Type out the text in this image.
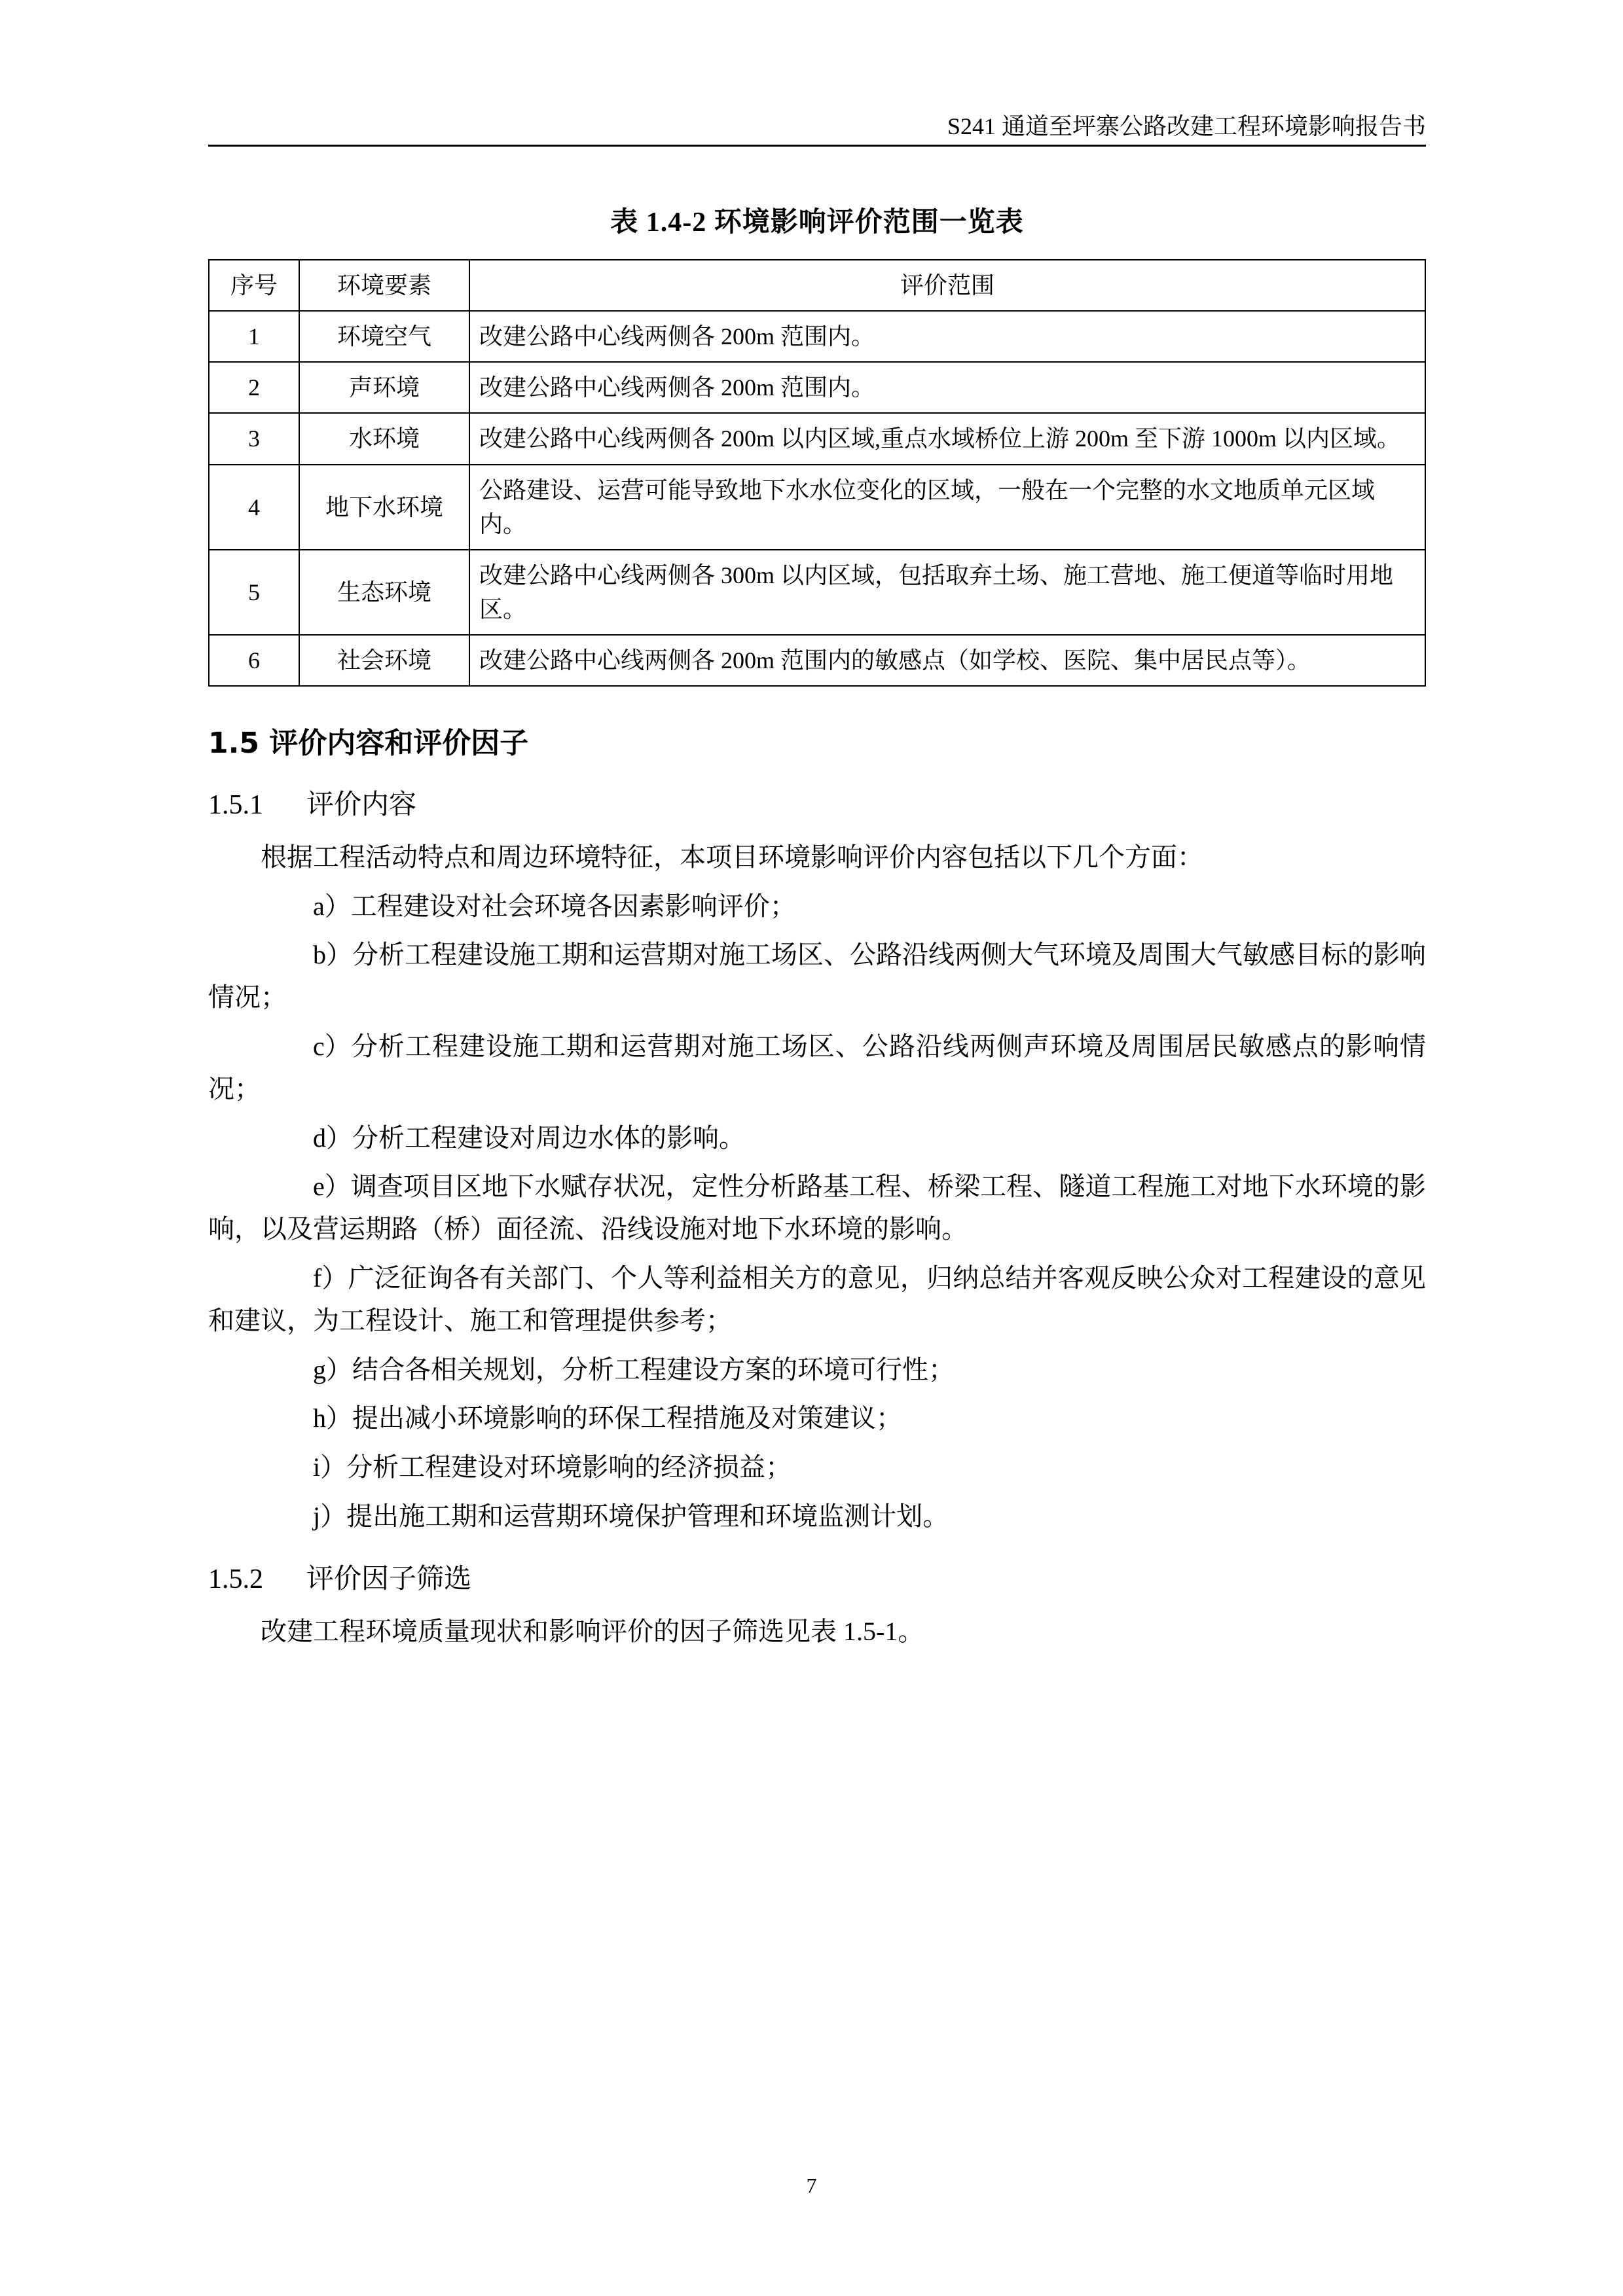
S241 通道至坪寨公路改建工程环境影响报告书
表 1.4-2 环境影响评价范围一览表
序号	环境要素	评价范围
1	环境空气	改建公路中心线两侧各 200m 范围内。
2	声环境	改建公路中心线两侧各 200m 范围内。
3	水环境	改建公路中心线两侧各 200m 以内区域,重点水域桥位上游 200m 至下游 1000m 以内区域。
4	地下水环境	公路建设、运营可能导致地下水水位变化的区域，一般在一个完整的水文地质单元区域内。
5	生态环境	改建公路中心线两侧各 300m 以内区域，包括取弃土场、施工营地、施工便道等临时用地区。
6	社会环境	改建公路中心线两侧各 200m 范围内的敏感点（如学校、医院、集中居民点等）。
1.5 评价内容和评价因子
1.5.1 评价内容

根据工程活动特点和周边环境特征，本项目环境影响评价内容包括以下几个方面：

a）工程建设对社会环境各因素影响评价；

b）分析工程建设施工期和运营期对施工场区、公路沿线两侧大气环境及周围大气敏感目标的影响情况；

c）分析工程建设施工期和运营期对施工场区、公路沿线两侧声环境及周围居民敏感点的影响情况；

d）分析工程建设对周边水体的影响。

e）调查项目区地下水赋存状况，定性分析路基工程、桥梁工程、隧道工程施工对地下水环境的影响，以及营运期路（桥）面径流、沿线设施对地下水环境的影响。

f）广泛征询各有关部门、个人等利益相关方的意见，归纳总结并客观反映公众对工程建设的意见和建议，为工程设计、施工和管理提供参考；

g）结合各相关规划，分析工程建设方案的环境可行性；

h）提出减小环境影响的环保工程措施及对策建议；

i）分析工程建设对环境影响的经济损益；

j）提出施工期和运营期环境保护管理和环境监测计划。

1.5.2 评价因子筛选

改建工程环境质量现状和影响评价的因子筛选见表 1.5-1。

7
